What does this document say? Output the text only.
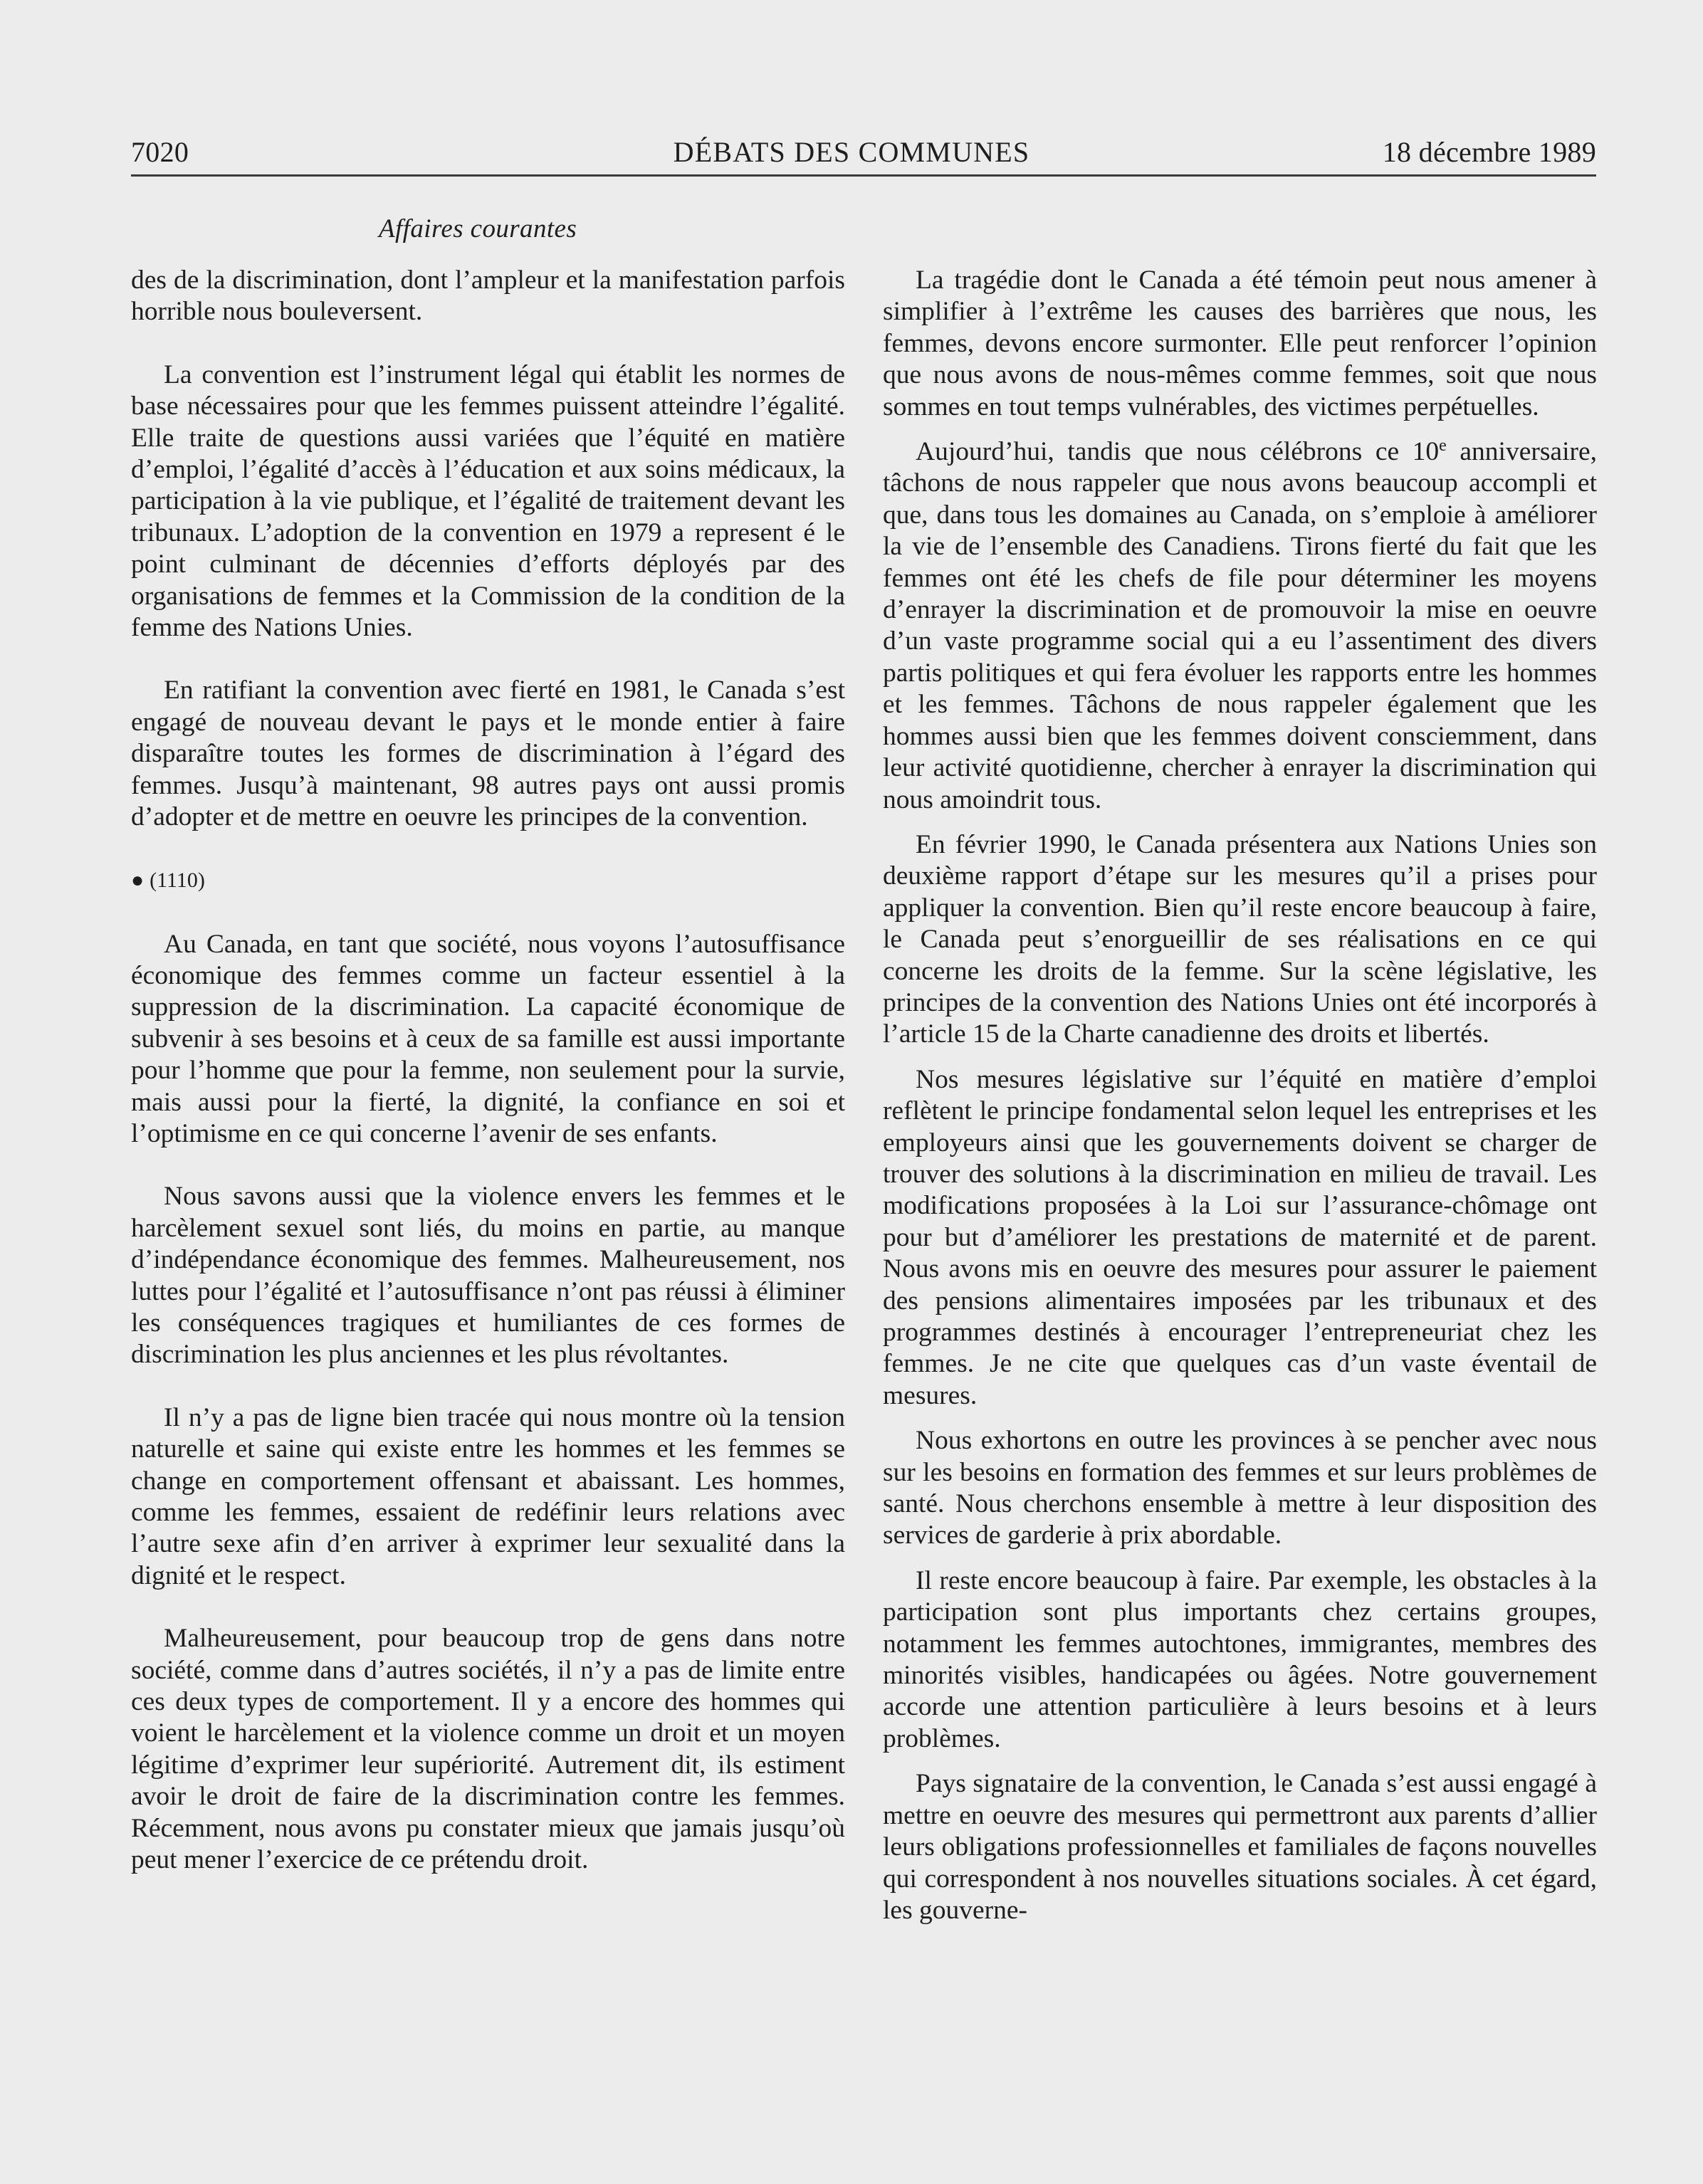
7020	DÉBATS DES COMMUNES	18 décembre 1989
Affaires courantes

des de la discrimination, dont l’ampleur et la manifestation parfois horrible nous bouleversent.

La convention est l’instrument légal qui établit les normes de base nécessaires pour que les femmes puissent atteindre l’égalité. Elle traite de questions aussi variées que l’équité en matière d’emploi, l’égalité d’accès à l’éducation et aux soins médicaux, la participation à la vie publique, et l’égalité de traitement devant les tribunaux. L’adoption de la convention en 1979 a represent é le point culminant de décennies d’efforts déployés par des organisations de femmes et la Commission de la condition de la femme des Nations Unies.

En ratifiant la convention avec fierté en 1981, le Canada s’est engagé de nouveau devant le pays et le monde entier à faire disparaître toutes les formes de discrimination à l’égard des femmes. Jusqu’à maintenant, 98 autres pays ont aussi promis d’adopter et de mettre en oeuvre les principes de la convention.

● (1110)

Au Canada, en tant que société, nous voyons l’autosuffisance économique des femmes comme un facteur essentiel à la suppression de la discrimination. La capacité économique de subvenir à ses besoins et à ceux de sa famille est aussi importante pour l’homme que pour la femme, non seulement pour la survie, mais aussi pour la fierté, la dignité, la confiance en soi et l’optimisme en ce qui concerne l’avenir de ses enfants.

Nous savons aussi que la violence envers les femmes et le harcèlement sexuel sont liés, du moins en partie, au manque d’indépendance économique des femmes. Malheureusement, nos luttes pour l’égalité et l’autosuffisance n’ont pas réussi à éliminer les conséquences tragiques et humiliantes de ces formes de discrimination les plus anciennes et les plus révoltantes.

Il n’y a pas de ligne bien tracée qui nous montre où la tension naturelle et saine qui existe entre les hommes et les femmes se change en comportement offensant et abaissant. Les hommes, comme les femmes, essaient de redéfinir leurs relations avec l’autre sexe afin d’en arriver à exprimer leur sexualité dans la dignité et le respect.

Malheureusement, pour beaucoup trop de gens dans notre société, comme dans d’autres sociétés, il n’y a pas de limite entre ces deux types de comportement. Il y a encore des hommes qui voient le harcèlement et la violence comme un droit et un moyen légitime d’exprimer leur supériorité. Autrement dit, ils estiment avoir le droit de faire de la discrimination contre les femmes. Récemment, nous avons pu constater mieux que jamais jusqu’où peut mener l’exercice de ce prétendu droit.

La tragédie dont le Canada a été témoin peut nous amener à simplifier à l’extrême les causes des barrières que nous, les femmes, devons encore surmonter. Elle peut renforcer l’opinion que nous avons de nous-mêmes comme femmes, soit que nous sommes en tout temps vulnérables, des victimes perpétuelles.

Aujourd’hui, tandis que nous célébrons ce 10e anniversaire, tâchons de nous rappeler que nous avons beaucoup accompli et que, dans tous les domaines au Canada, on s’emploie à améliorer la vie de l’ensemble des Canadiens. Tirons fierté du fait que les femmes ont été les chefs de file pour déterminer les moyens d’enrayer la discrimination et de promouvoir la mise en oeuvre d’un vaste programme social qui a eu l’assentiment des divers partis politiques et qui fera évoluer les rapports entre les hommes et les femmes. Tâchons de nous rappeler également que les hommes aussi bien que les femmes doivent consciemment, dans leur activité quotidienne, chercher à enrayer la discrimination qui nous amoindrit tous.

En février 1990, le Canada présentera aux Nations Unies son deuxième rapport d’étape sur les mesures qu’il a prises pour appliquer la convention. Bien qu’il reste encore beaucoup à faire, le Canada peut s’enorgueillir de ses réalisations en ce qui concerne les droits de la femme. Sur la scène législative, les principes de la convention des Nations Unies ont été incorporés à l’article 15 de la Charte canadienne des droits et libertés.

Nos mesures législative sur l’équité en matière d’emploi reflètent le principe fondamental selon lequel les entreprises et les employeurs ainsi que les gouvernements doivent se charger de trouver des solutions à la discrimination en milieu de travail. Les modifications proposées à la Loi sur l’assurance-chômage ont pour but d’améliorer les prestations de maternité et de parent. Nous avons mis en oeuvre des mesures pour assurer le paiement des pensions alimentaires imposées par les tribunaux et des programmes destinés à encourager l’entrepreneuriat chez les femmes. Je ne cite que quelques cas d’un vaste éventail de mesures.

Nous exhortons en outre les provinces à se pencher avec nous sur les besoins en formation des femmes et sur leurs problèmes de santé. Nous cherchons ensemble à mettre à leur disposition des services de garderie à prix abordable.

Il reste encore beaucoup à faire. Par exemple, les obstacles à la participation sont plus importants chez certains groupes, notamment les femmes autochtones, immigrantes, membres des minorités visibles, handicapées ou âgées. Notre gouvernement accorde une attention particulière à leurs besoins et à leurs problèmes.

Pays signataire de la convention, le Canada s’est aussi engagé à mettre en oeuvre des mesures qui permettront aux parents d’allier leurs obligations professionnelles et familiales de façons nouvelles qui correspondent à nos nouvelles situations sociales. À cet égard, les gouverne-
